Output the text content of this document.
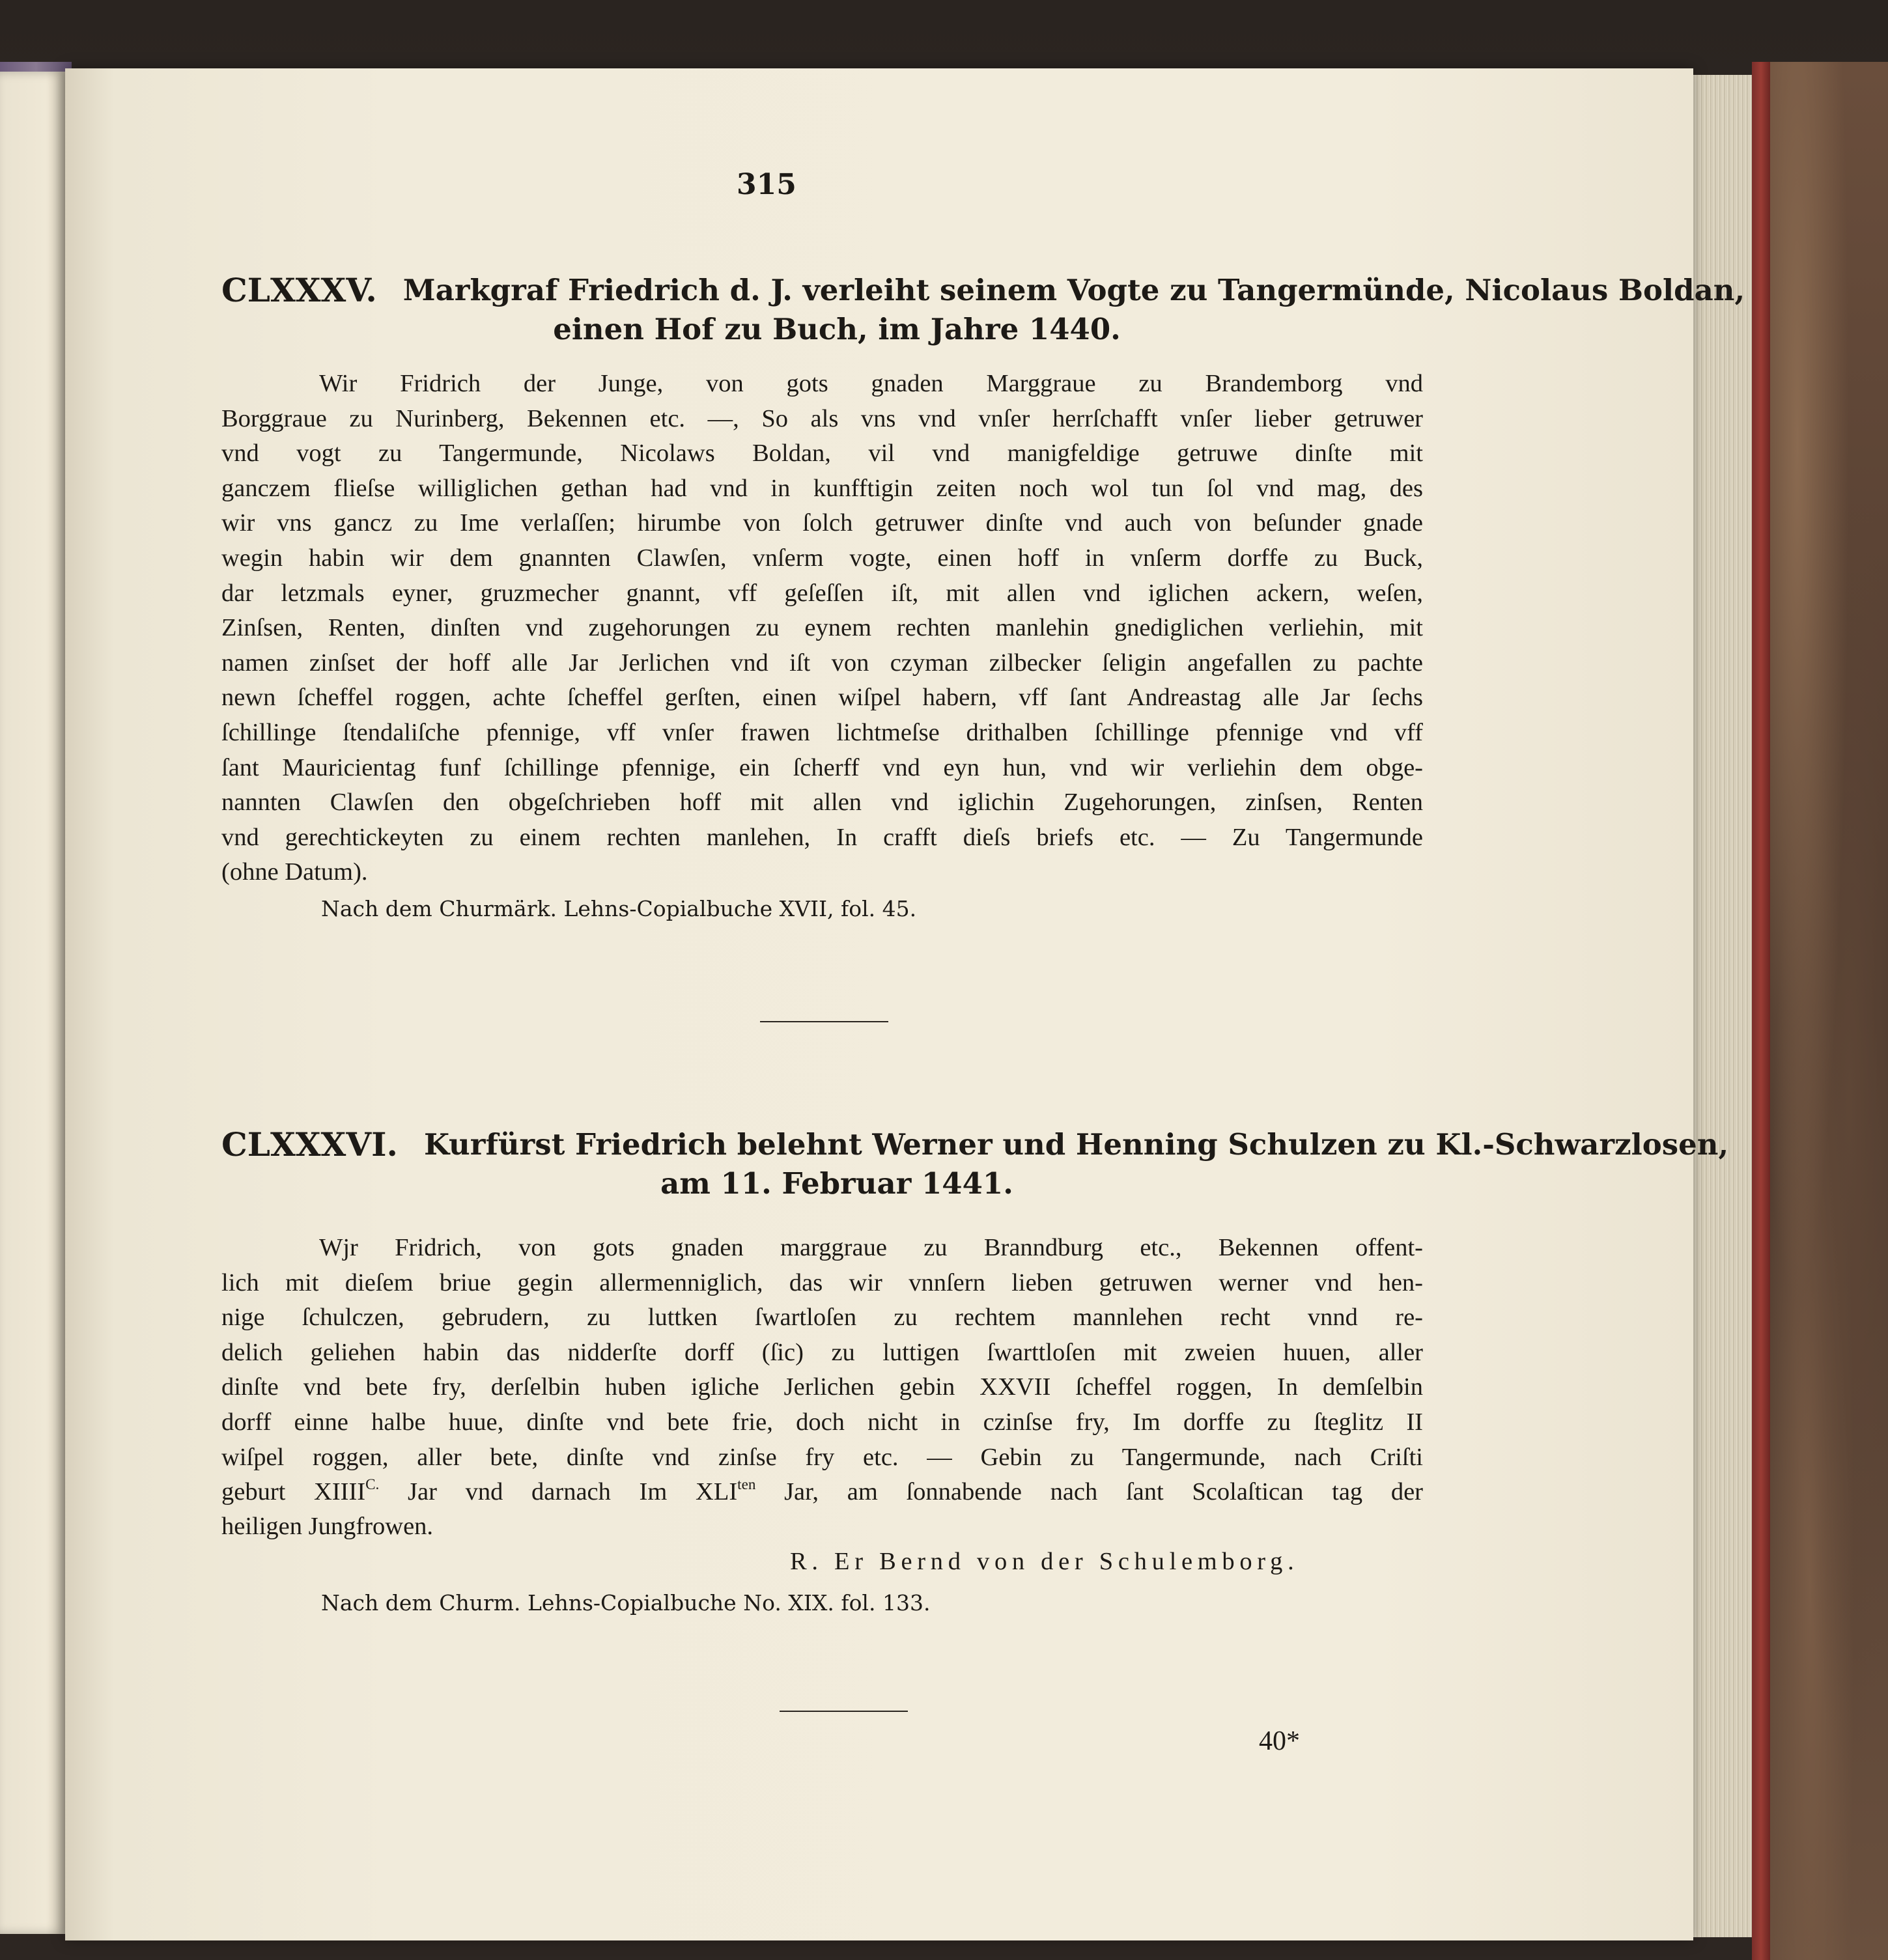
315
CLXXXV. Markgraf Friedrich d. J. verleiht seinem Vogte zu Tangermünde, Nicolaus Boldan,
einen Hof zu Buch, im Jahre 1440.
Wir Fridrich der Junge, von gots gnaden Marggraue zu Brandemborg vnd
Borggraue zu Nurinberg, Bekennen etc. —, So als vns vnd vnſer herrſchafft vnſer lieber getruwer
vnd vogt zu Tangermunde, Nicolaws Boldan, vil vnd manigfeldige getruwe dinſte mit
ganczem flieſse williglichen gethan had vnd in kunfftigin zeiten noch wol tun ſol vnd mag, des
wir vns gancz zu Ime verlaſſen; hirumbe von ſolch getruwer dinſte vnd auch von beſunder gnade
wegin habin wir dem gnannten Clawſen, vnſerm vogte, einen hoff in vnſerm dorffe zu Buck,
dar letzmals eyner, gruzmecher gnannt, vff geſeſſen iſt, mit allen vnd iglichen ackern, weſen,
Zinſsen, Renten, dinſten vnd zugehorungen zu eynem rechten manlehin gnediglichen verliehin, mit
namen zinſset der hoff alle Jar Jerlichen vnd iſt von czyman zilbecker ſeligin angefallen zu pachte
newn ſcheffel roggen, achte ſcheffel gerſten, einen wiſpel habern, vff ſant Andreastag alle Jar ſechs
ſchillinge ſtendaliſche pfennige, vff vnſer frawen lichtmeſse drithalben ſchillinge pfennige vnd vff
ſant Mauricientag funf ſchillinge pfennige, ein ſcherff vnd eyn hun, vnd wir verliehin dem obge-
nannten Clawſen den obgeſchrieben hoff mit allen vnd iglichin Zugehorungen, zinſsen, Renten
vnd gerechtickeyten zu einem rechten manlehen, In crafft dieſs briefs etc. — Zu Tangermunde
(ohne Datum).
Nach dem Churmärk. Lehns-Copialbuche XVII, fol. 45.
CLXXXVI. Kurfürst Friedrich belehnt Werner und Henning Schulzen zu Kl.-Schwarzlosen,
am 11. Februar 1441.
Wjr Fridrich, von gots gnaden marggraue zu Branndburg etc., Bekennen offent-
lich mit dieſem briue gegin allermenniglich, das wir vnnſern lieben getruwen werner vnd hen-
nige ſchulczen, gebrudern, zu luttken ſwartloſen zu rechtem mannlehen recht vnnd re-
delich geliehen habin das nidderſte dorff (ſic) zu luttigen ſwarttloſen mit zweien huuen, aller
dinſte vnd bete fry, derſelbin huben igliche Jerlichen gebin XXVII ſcheffel roggen, In demſelbin
dorff einne halbe huue, dinſte vnd bete frie, doch nicht in czinſse fry, Im dorffe zu ſteglitz II
wiſpel roggen, aller bete, dinſte vnd zinſse fry etc. — Gebin zu Tangermunde, nach Criſti
geburt $XIIII^{C.}$ Jar vnd darnach Im $XLI^{ten}$ Jar, am ſonnabende nach ſant Scolaſtican tag der
heiligen Jungfrowen.
R. Er Bernd von der Schulemborg.
Nach dem Churm. Lehns-Copialbuche No. XIX. fol. 133.
40*
